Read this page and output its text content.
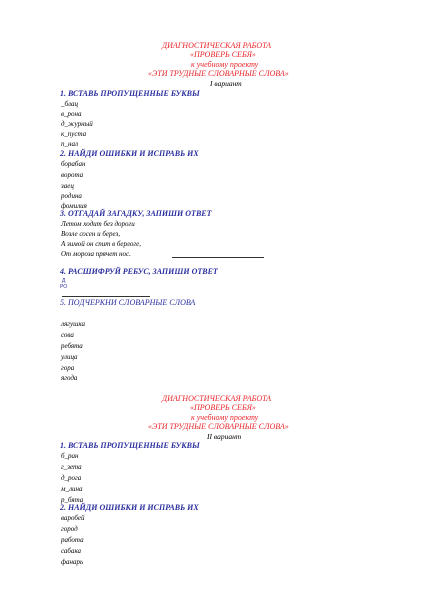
ДИАГНОСТИЧЕСКАЯ РАБОТА
«ПРОВЕРЬ СЕБЯ»
к учебному проекту
«ЭТИ ТРУДНЫЕ СЛОВАРНЫЕ СЛОВА»
I вариант
1. ВСТАВЬ ПРОПУЩЕННЫЕ БУКВЫ
_блац
в_рона
д_журный
к_пуста
п_нал
2. НАЙДИ ОШИБКИ И ИСПРАВЬ ИХ
борабан
ворота
заец
родина
фомилия
3. ОТГАДАЙ ЗАГАДКУ, ЗАПИШИ ОТВЕТ
Летом ходит без дороги
Возле сосен и берез,
А зимой он спит в берлоге,
От мороза прячет нос.
4. РАСШИФРУЙ РЕБУС, ЗАПИШИ ОТВЕТ
Д
РО
5. ПОДЧЕРКНИ СЛОВАРНЫЕ СЛОВА
лягушка
сова
ребята
улица
гора
ягода
ДИАГНОСТИЧЕСКАЯ РАБОТА
«ПРОВЕРЬ СЕБЯ»
к учебному проекту
«ЭТИ ТРУДНЫЕ СЛОВАРНЫЕ СЛОВА»
II вариант
1. ВСТАВЬ ПРОПУЩЕННЫЕ БУКВЫ
б_ран
г_зета
д_рога
м_лина
р_бята
2. НАЙДИ ОШИБКИ И ИСПРАВЬ ИХ
варобей
город
работа
сабака
фанарь
